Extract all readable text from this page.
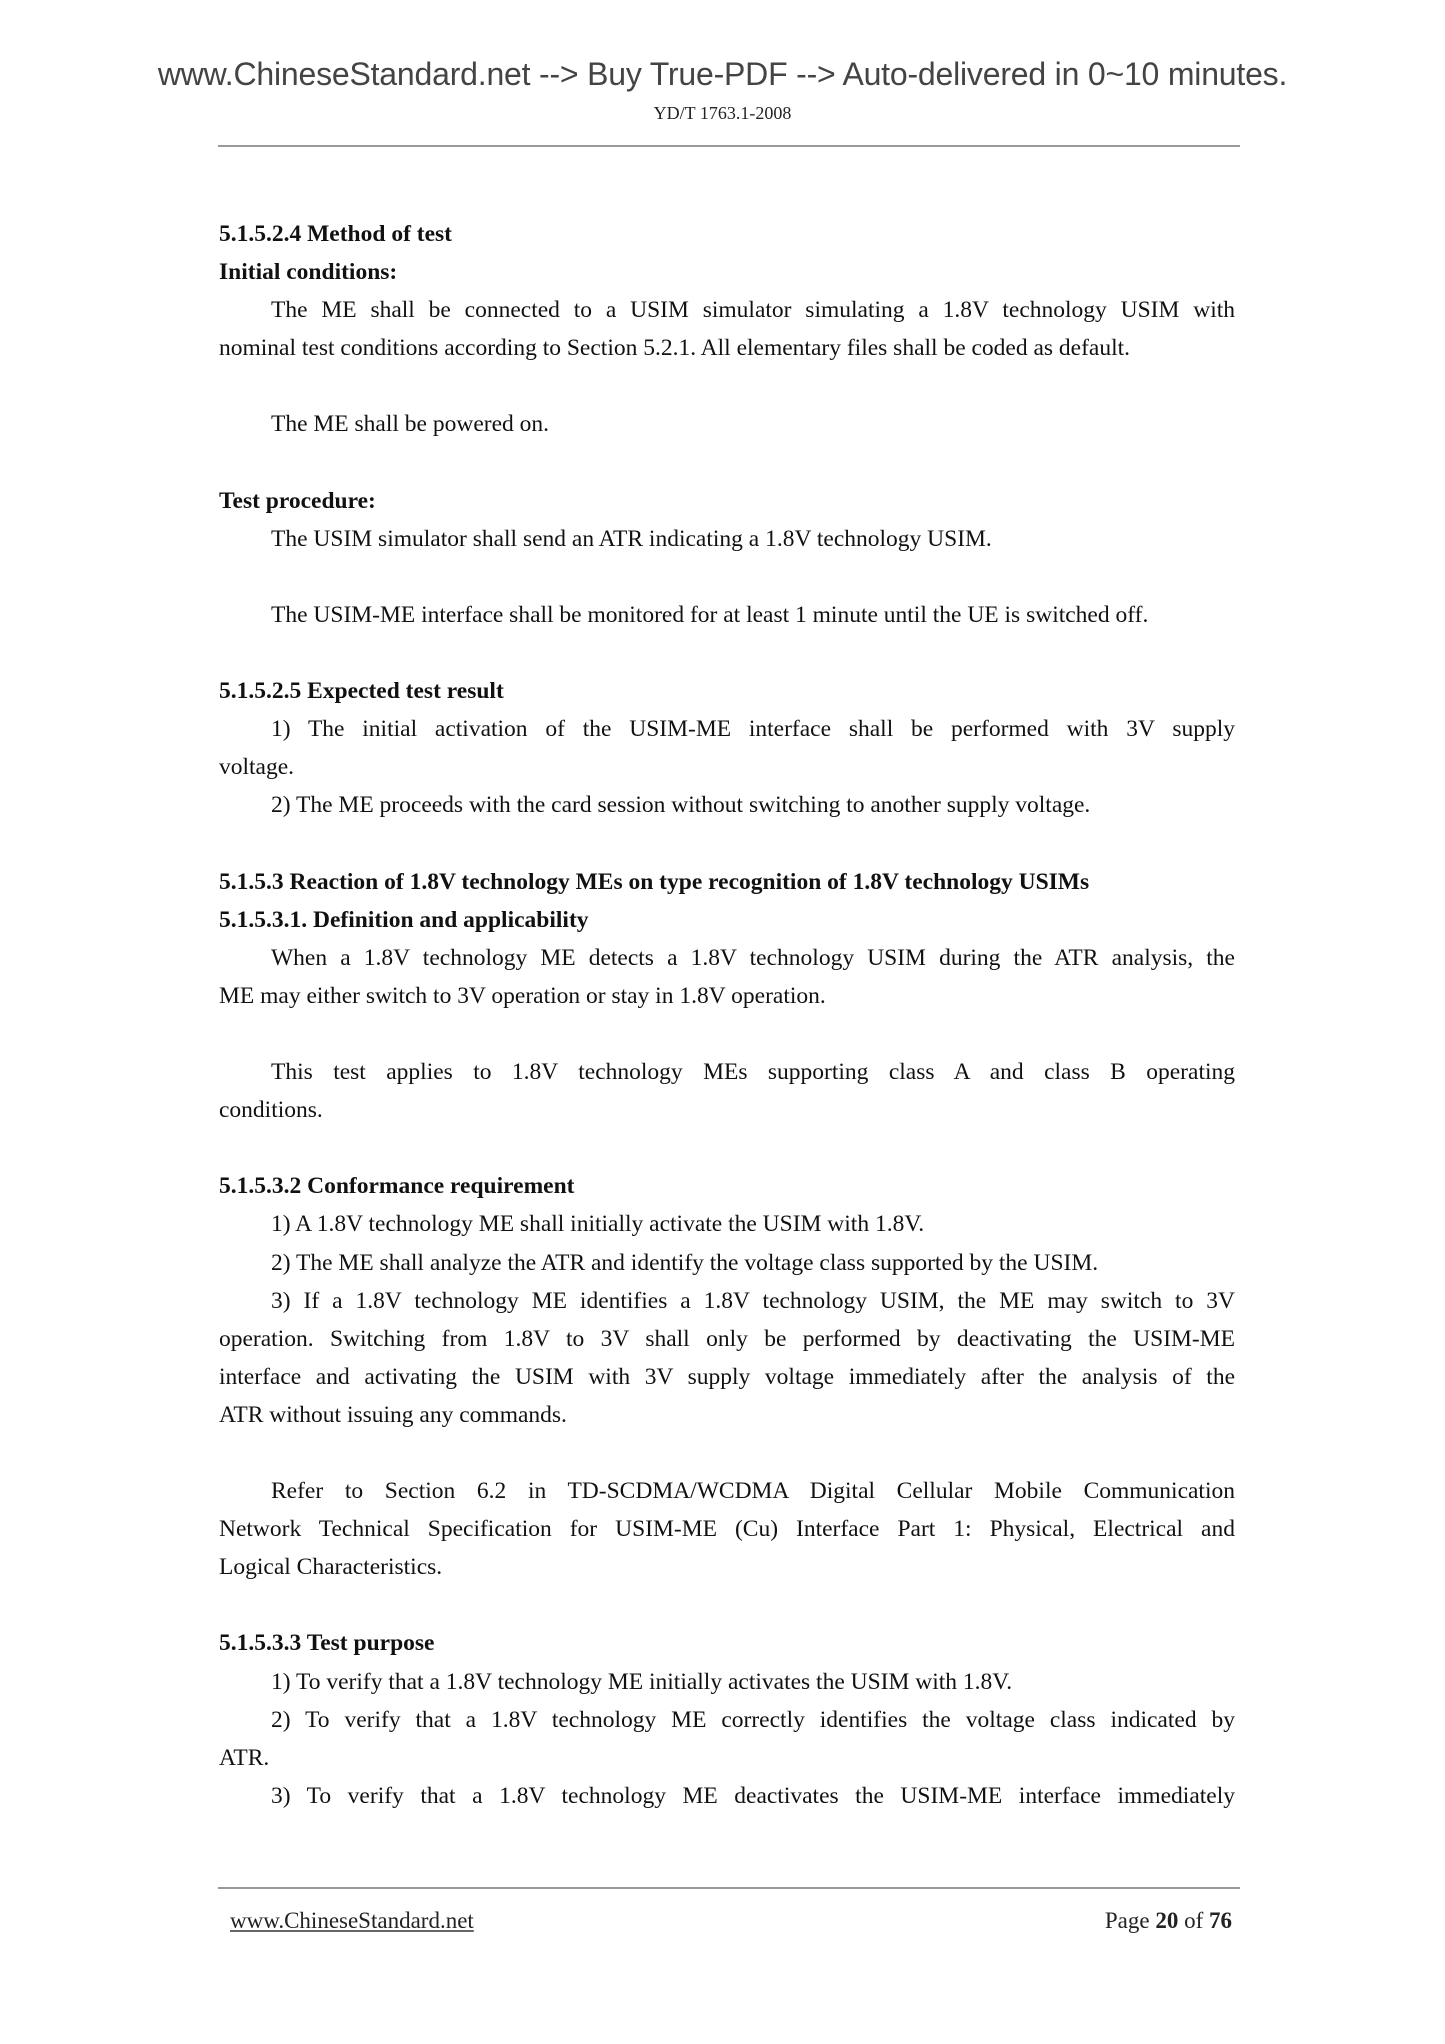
www.ChineseStandard.net --> Buy True-PDF --> Auto-delivered in 0~10 minutes.
YD/T 1763.1-2008
5.1.5.2.4 Method of test
Initial conditions:
The ME shall be connected to a USIM simulator simulating a 1.8V technology USIM with
nominal test conditions according to Section 5.2.1. All elementary files shall be coded as default.
The ME shall be powered on.
Test procedure:
The USIM simulator shall send an ATR indicating a 1.8V technology USIM.
The USIM-ME interface shall be monitored for at least 1 minute until the UE is switched off.
5.1.5.2.5 Expected test result
1) The initial activation of the USIM-ME interface shall be performed with 3V supply
voltage.
2) The ME proceeds with the card session without switching to another supply voltage.
5.1.5.3 Reaction of 1.8V technology MEs on type recognition of 1.8V technology USIMs
5.1.5.3.1. Definition and applicability
When a 1.8V technology ME detects a 1.8V technology USIM during the ATR analysis, the
ME may either switch to 3V operation or stay in 1.8V operation.
This test applies to 1.8V technology MEs supporting class A and class B operating
conditions.
5.1.5.3.2 Conformance requirement
1) A 1.8V technology ME shall initially activate the USIM with 1.8V.
2) The ME shall analyze the ATR and identify the voltage class supported by the USIM.
3) If a 1.8V technology ME identifies a 1.8V technology USIM, the ME may switch to 3V
operation. Switching from 1.8V to 3V shall only be performed by deactivating the USIM-ME
interface and activating the USIM with 3V supply voltage immediately after the analysis of the
ATR without issuing any commands.
Refer to Section 6.2 in TD-SCDMA/WCDMA Digital Cellular Mobile Communication
Network Technical Specification for USIM-ME (Cu) Interface Part 1: Physical, Electrical and
Logical Characteristics.
5.1.5.3.3 Test purpose
1) To verify that a 1.8V technology ME initially activates the USIM with 1.8V.
2) To verify that a 1.8V technology ME correctly identifies the voltage class indicated by
ATR.
3) To verify that a 1.8V technology ME deactivates the USIM-ME interface immediately
www.ChineseStandard.net	Page 20 of 76
